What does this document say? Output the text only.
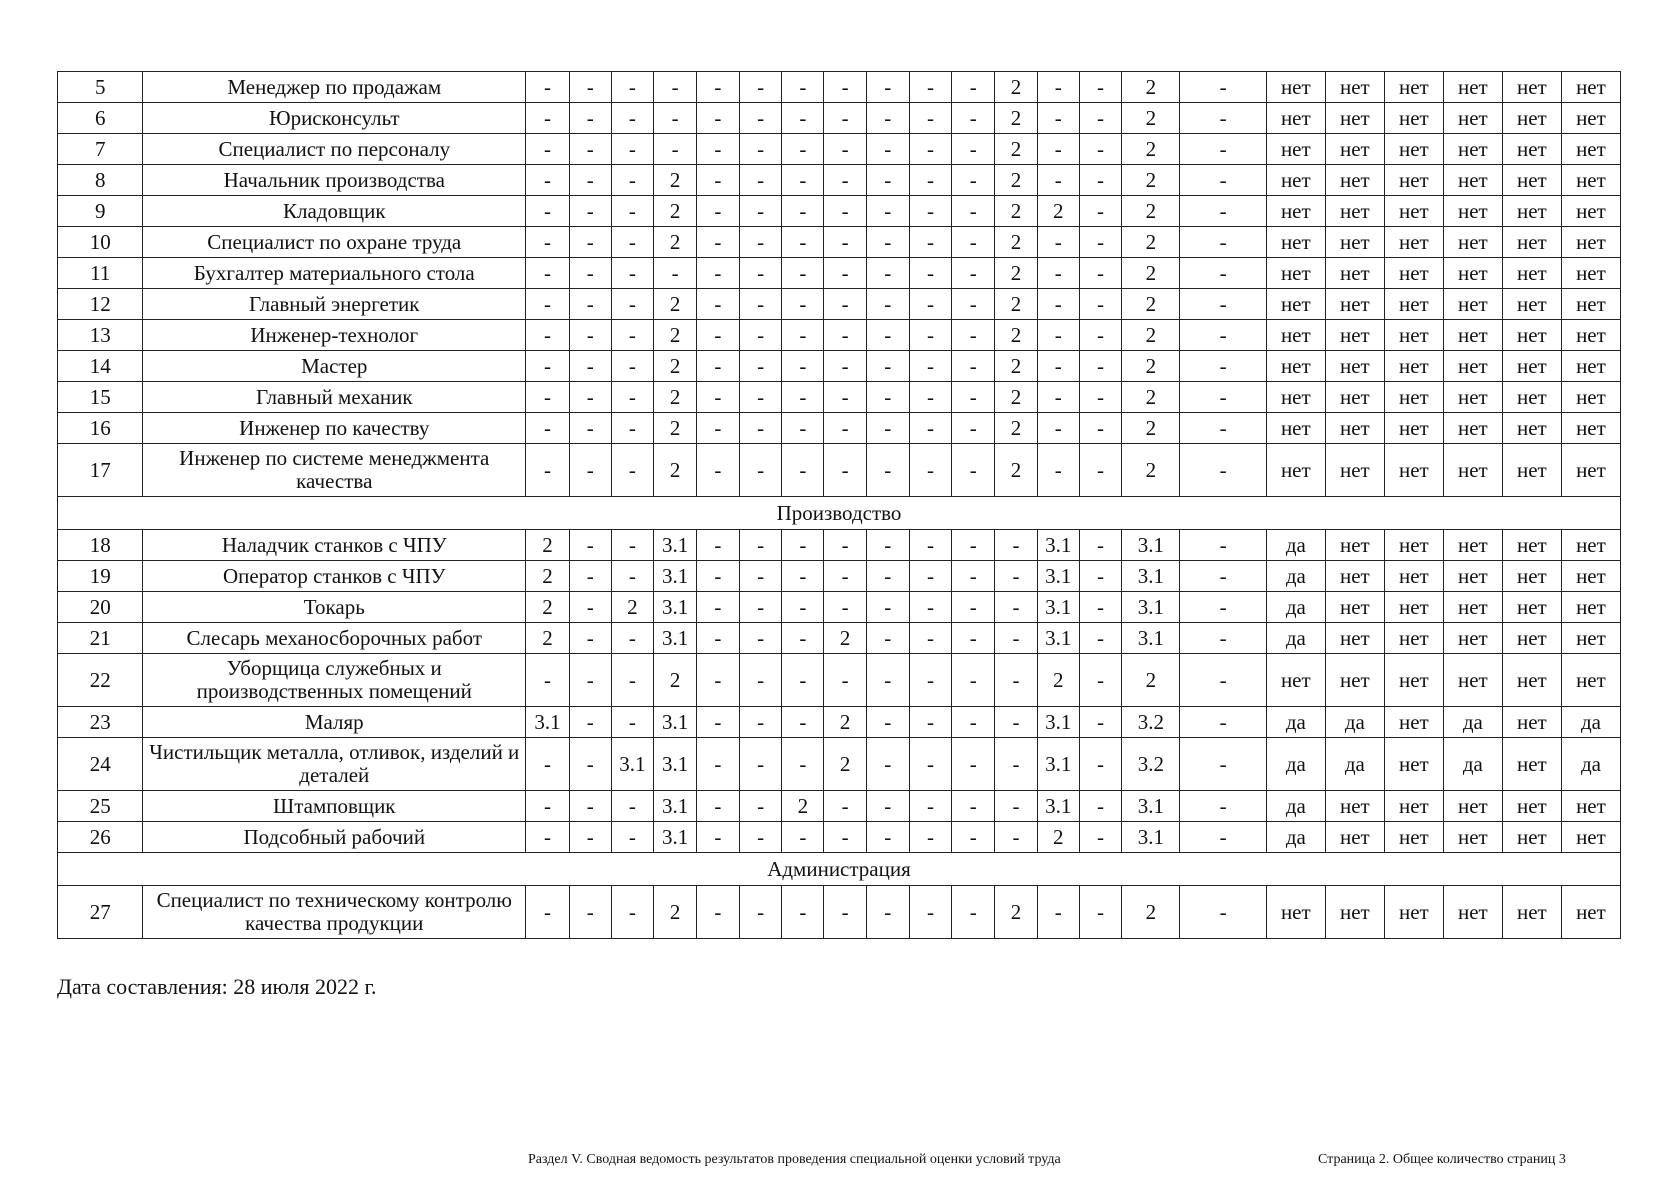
5	Менеджер по продажам	-	-	-	-	-	-	-	-	-	-	-	2	-	-	2	-	нет	нет	нет	нет	нет	нет
6	Юрисконсульт	-	-	-	-	-	-	-	-	-	-	-	2	-	-	2	-	нет	нет	нет	нет	нет	нет
7	Специалист по персоналу	-	-	-	-	-	-	-	-	-	-	-	2	-	-	2	-	нет	нет	нет	нет	нет	нет
8	Начальник производства	-	-	-	2	-	-	-	-	-	-	-	2	-	-	2	-	нет	нет	нет	нет	нет	нет
9	Кладовщик	-	-	-	2	-	-	-	-	-	-	-	2	2	-	2	-	нет	нет	нет	нет	нет	нет
10	Специалист по охране труда	-	-	-	2	-	-	-	-	-	-	-	2	-	-	2	-	нет	нет	нет	нет	нет	нет
11	Бухгалтер материального стола	-	-	-	-	-	-	-	-	-	-	-	2	-	-	2	-	нет	нет	нет	нет	нет	нет
12	Главный энергетик	-	-	-	2	-	-	-	-	-	-	-	2	-	-	2	-	нет	нет	нет	нет	нет	нет
13	Инженер-технолог	-	-	-	2	-	-	-	-	-	-	-	2	-	-	2	-	нет	нет	нет	нет	нет	нет
14	Мастер	-	-	-	2	-	-	-	-	-	-	-	2	-	-	2	-	нет	нет	нет	нет	нет	нет
15	Главный механик	-	-	-	2	-	-	-	-	-	-	-	2	-	-	2	-	нет	нет	нет	нет	нет	нет
16	Инженер по качеству	-	-	-	2	-	-	-	-	-	-	-	2	-	-	2	-	нет	нет	нет	нет	нет	нет
17	Инженер по системе менеджмента качества	-	-	-	2	-	-	-	-	-	-	-	2	-	-	2	-	нет	нет	нет	нет	нет	нет
Производство																							
18	Наладчик станков с ЧПУ	2	-	-	3.1	-	-	-	-	-	-	-	-	3.1	-	3.1	-	да	нет	нет	нет	нет	нет
19	Оператор станков с ЧПУ	2	-	-	3.1	-	-	-	-	-	-	-	-	3.1	-	3.1	-	да	нет	нет	нет	нет	нет
20	Токарь	2	-	2	3.1	-	-	-	-	-	-	-	-	3.1	-	3.1	-	да	нет	нет	нет	нет	нет
21	Слесарь механосборочных работ	2	-	-	3.1	-	-	-	2	-	-	-	-	3.1	-	3.1	-	да	нет	нет	нет	нет	нет
22	Уборщица служебных и производственных помещений	-	-	-	2	-	-	-	-	-	-	-	-	2	-	2	-	нет	нет	нет	нет	нет	нет
23	Маляр	3.1	-	-	3.1	-	-	-	2	-	-	-	-	3.1	-	3.2	-	да	да	нет	да	нет	да
24	Чистильщик металла, отливок, изделий и деталей	-	-	3.1	3.1	-	-	-	2	-	-	-	-	3.1	-	3.2	-	да	да	нет	да	нет	да
25	Штамповщик	-	-	-	3.1	-	-	2	-	-	-	-	-	3.1	-	3.1	-	да	нет	нет	нет	нет	нет
26	Подсобный рабочий	-	-	-	3.1	-	-	-	-	-	-	-	-	2	-	3.1	-	да	нет	нет	нет	нет	нет
Администрация																							
27	Специалист по техническому контролю качества продукции	-	-	-	2	-	-	-	-	-	-	-	2	-	-	2	-	нет	нет	нет	нет	нет	нет
Дата составления: 28 июля 2022 г.
Раздел V. Сводная ведомость результатов проведения специальной оценки условий труда	Страница 2. Общее количество страниц 3
